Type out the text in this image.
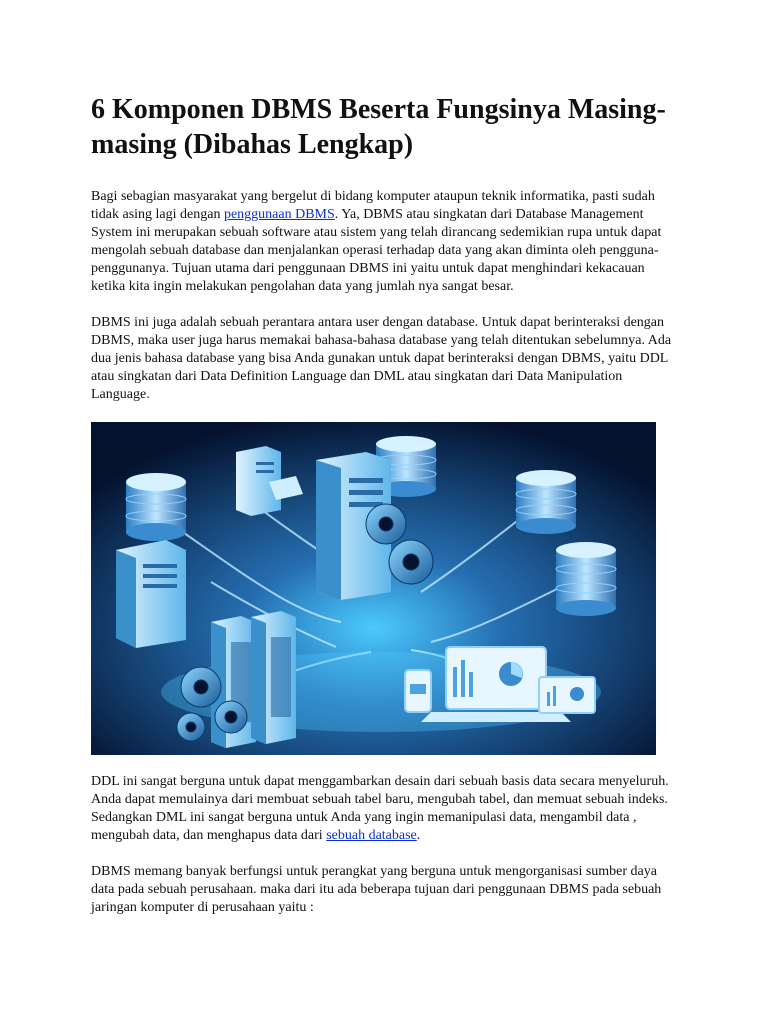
6 Komponen DBMS Beserta Fungsinya Masing-masing (Dibahas Lengkap)

Bagi sebagian masyarakat yang bergelut di bidang komputer ataupun teknik informatika, pasti sudah tidak asing lagi dengan penggunaan DBMS. Ya, DBMS atau singkatan dari Database Management System ini merupakan sebuah software atau sistem yang telah dirancang sedemikian rupa untuk dapat mengolah sebuah database dan menjalankan operasi terhadap data yang akan diminta oleh pengguna-penggunanya. Tujuan utama dari penggunaan DBMS ini yaitu untuk dapat menghindari kekacauan ketika kita ingin melakukan pengolahan data yang jumlah nya sangat besar.

DBMS ini juga adalah sebuah perantara antara user dengan database. Untuk dapat berinteraksi dengan DBMS, maka user juga harus memakai bahasa-bahasa database yang telah ditentukan sebelumnya. Ada dua jenis bahasa database yang bisa Anda gunakan untuk dapat berinteraksi dengan DBMS, yaitu DDL atau singkatan dari Data Definition Language dan DML atau singkatan dari Data Manipulation Language.

DDL ini sangat berguna untuk dapat menggambarkan desain dari sebuah basis data secara menyeluruh. Anda dapat memulainya dari membuat sebuah tabel baru, mengubah tabel, dan memuat sebuah indeks. Sedangkan DML ini sangat berguna untuk Anda yang ingin memanipulasi data, mengambil data , mengubah data, dan menghapus data dari sebuah database.

DBMS memang banyak berfungsi untuk perangkat yang berguna untuk mengorganisasi sumber daya data pada sebuah perusahaan. maka dari itu ada beberapa tujuan dari penggunaan DBMS pada sebuah jaringan komputer di perusahaan yaitu :
